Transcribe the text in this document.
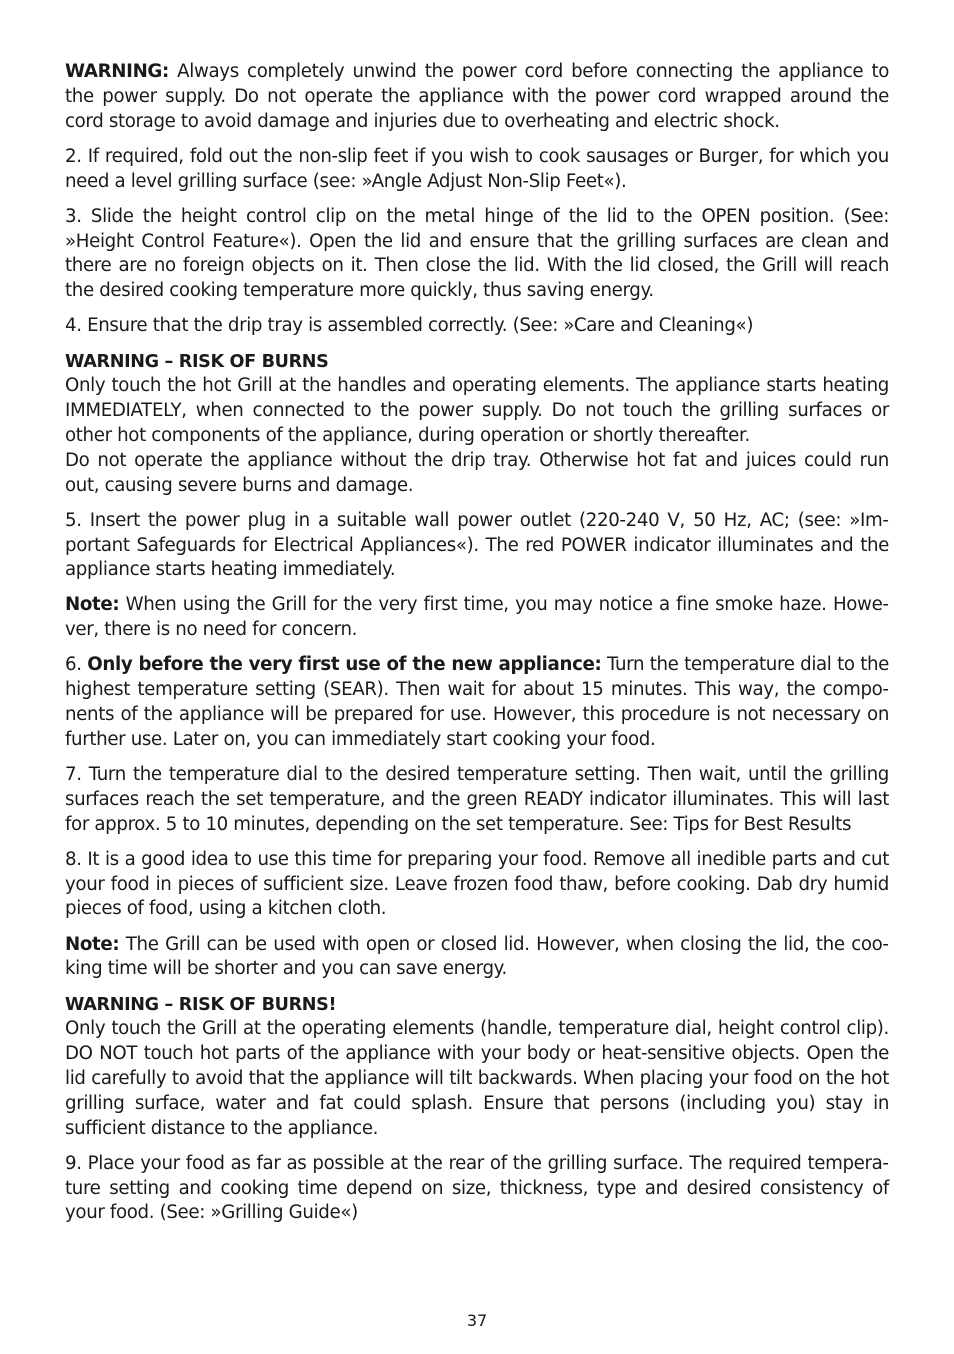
WARNING: Always completely unwind the power cord before connecting the appliance to the power supply. Do not operate the appliance with the power cord wrapped around the cord storage to avoid damage and injuries due to overheating and electric shock.

2. If required, fold out the non-slip feet if you wish to cook sausages or Burger, for which you need a level grilling surface (see: »Angle Adjust Non-Slip Feet«).

3. Slide the height control clip on the metal hinge of the lid to the OPEN position. (See: »Height Control Feature«). Open the lid and ensure that the grilling surfaces are clean and there are no foreign objects on it. Then close the lid. With the lid closed, the Grill will reach the desired cooking temperature more quickly, thus saving energy.

4. Ensure that the drip tray is assembled correctly. (See: »Care and Cleaning«)

WARNING – RISK OF BURNS

Only touch the hot Grill at the handles and operating elements. The appliance starts heating IMMEDIATELY, when connected to the power supply. Do not touch the grilling surfaces or other hot components of the appliance, during operation or shortly thereafter.

Do not operate the appliance without the drip tray. Otherwise hot fat and juices could run out, causing severe burns and damage.

5. Insert the power plug in a suitable wall power outlet (220-240 V, 50 Hz, AC; (see: »Important Safeguards for Electrical Appliances«). The red POWER indicator illuminates and the appliance starts heating immediately.

Note: When using the Grill for the very first time, you may notice a fine smoke haze. However, there is no need for concern.

6. Only before the very first use of the new appliance: Turn the temperature dial to the highest temperature setting (SEAR). Then wait for about 15 minutes. This way, the components of the appliance will be prepared for use. However, this procedure is not necessary on further use. Later on, you can immediately start cooking your food.

7. Turn the temperature dial to the desired temperature setting. Then wait, until the grilling surfaces reach the set temperature, and the green READY indicator illuminates. This will last for approx. 5 to 10 minutes, depending on the set temperature. See: Tips for Best Results

8. It is a good idea to use this time for preparing your food. Remove all inedible parts and cut your food in pieces of sufficient size. Leave frozen food thaw, before cooking. Dab dry humid pieces of food, using a kitchen cloth.

Note: The Grill can be used with open or closed lid. However, when closing the lid, the cooking time will be shorter and you can save energy.

WARNING – RISK OF BURNS!

Only touch the Grill at the operating elements (handle, temperature dial, height control clip). DO NOT touch hot parts of the appliance with your body or heat-sensitive objects. Open the lid carefully to avoid that the appliance will tilt backwards. When placing your food on the hot grilling surface, water and fat could splash. Ensure that persons (including you) stay in sufficient distance to the appliance.

9. Place your food as far as possible at the rear of the grilling surface. The required temperature setting and cooking time depend on size, thickness, type and desired consistency of your food. (See: »Grilling Guide«)

37
